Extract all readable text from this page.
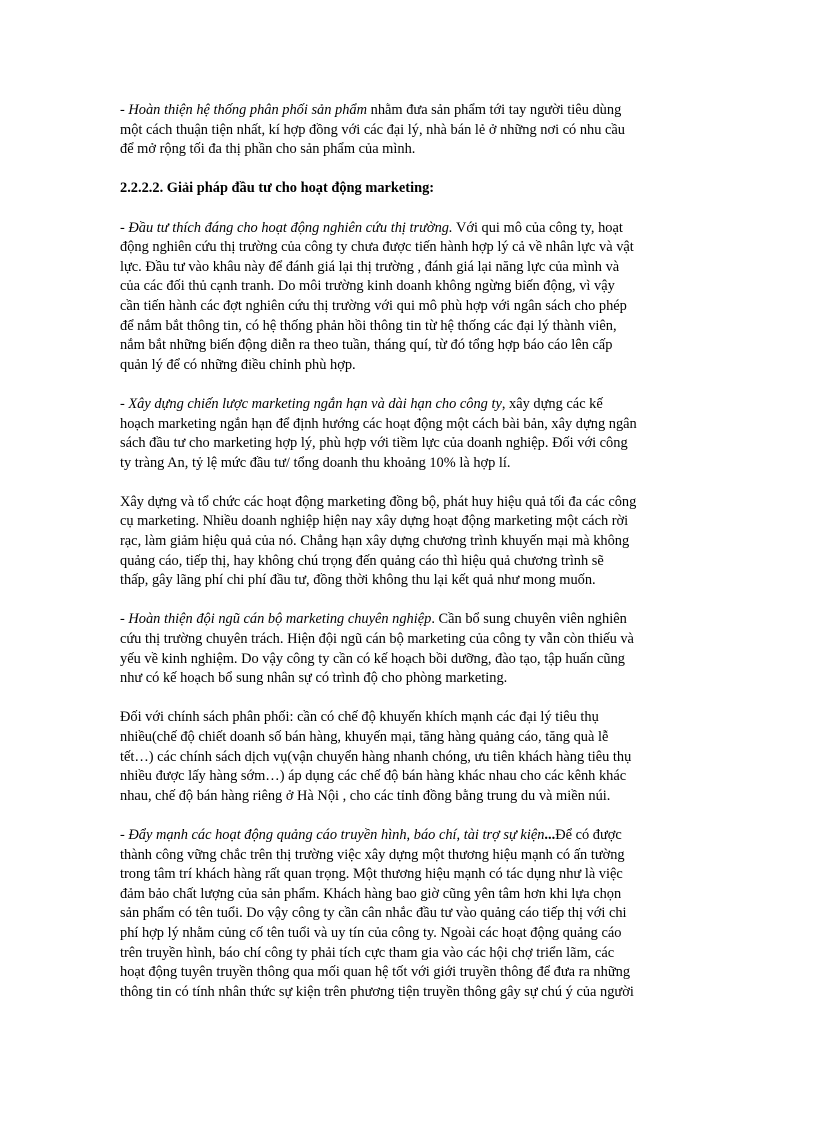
- Hoàn thiện hệ thống phân phối sản phẩm nhằm đưa sản phẩm tới tay người tiêu dùng
một cách thuận tiện nhất, kí hợp đồng với các đại lý, nhà bán lẻ ở những nơi có nhu cầu
để mở rộng tối đa thị phần cho sản phẩm của mình.
2.2.2.2. Giải pháp đầu tư cho hoạt động marketing:
- Đầu tư thích đáng cho hoạt động nghiên cứu thị trường. Với qui mô của công ty, hoạt
động nghiên cứu thị trường của công ty chưa được tiến hành hợp lý cả về nhân lực và vật
lực. Đầu tư vào khâu này để đánh giá lại thị trường , đánh giá lại năng lực của mình và
của các đối thủ cạnh tranh. Do môi trường kinh doanh không ngừng biến động, vì vậy
cần tiến hành các đợt nghiên cứu thị trường với qui mô phù hợp với ngân sách cho phép
để nắm bắt thông tin, có hệ thống phản hồi thông tin từ hệ thống các đại lý thành viên,
nắm bắt những biến động diễn ra theo tuần, tháng quí, từ đó tổng hợp báo cáo lên cấp
quản lý để có những điều chỉnh phù hợp.
- Xây dựng chiến lược marketing ngắn hạn và dài hạn cho công ty, xây dựng các kế
hoạch marketing ngắn hạn để định hướng các hoạt động một cách bài bản, xây dựng ngân
sách đầu tư cho marketing hợp lý, phù hợp với tiềm lực của doanh nghiệp. Đối với công
ty tràng An, tỷ lệ mức đầu tư/ tổng doanh thu khoảng 10% là hợp lí.
Xây dựng và tổ chức các hoạt động marketing đồng bộ, phát huy hiệu quả tối đa các công
cụ marketing. Nhiều doanh nghiệp hiện nay xây dựng hoạt động marketing một cách rời
rạc, làm giảm hiệu quả của nó. Chẳng hạn xây dựng chương trình khuyến mại mà không
quảng cáo, tiếp thị, hay không chú trọng đến quảng cáo thì hiệu quả chương trình sẽ
thấp, gây lãng phí chi phí đầu tư, đồng thời không thu lại kết quả như mong muốn.
- Hoàn thiện đội ngũ cán bộ marketing chuyên nghiệp. Cần bổ sung chuyên viên nghiên
cứu thị trường chuyên trách. Hiện đội ngũ cán bộ marketing của công ty vẫn còn thiếu và
yếu về kinh nghiệm. Do vậy công ty cần có kế hoạch bồi dưỡng, đào tạo, tập huấn cũng
như có kế hoạch bổ sung nhân sự có trình độ cho phòng marketing.
Đối với chính sách phân phối: cần có chế độ khuyến khích mạnh các đại lý tiêu thụ
nhiều(chế độ chiết doanh số bán hàng, khuyến mại, tăng hàng quảng cáo, tăng quà lễ
tết…) các chính sách dịch vụ(vận chuyển hàng nhanh chóng, ưu tiên khách hàng tiêu thụ
nhiều được lấy hàng sớm…) áp dụng các chế độ bán hàng khác nhau cho các kênh khác
nhau, chế độ bán hàng riêng ở Hà Nội , cho các tỉnh đồng bằng trung du và miền núi.
- Đẩy mạnh các hoạt động quảng cáo truyền hình, báo chí, tài trợ sự kiện...Để có được
thành công vững chắc trên thị trường việc xây dựng một thương hiệu mạnh có ấn tường
trong tâm trí khách hàng rất quan trọng. Một thương hiệu mạnh có tác dụng như là việc
đảm bảo chất lượng của sản phẩm. Khách hàng bao giờ cũng yên tâm hơn khi lựa chọn
sản phẩm có tên tuổi. Do vậy công ty cần cân nhắc đầu tư vào quảng cáo tiếp thị với chi
phí hợp lý nhằm củng cố tên tuổi và uy tín của công ty. Ngoài các hoạt động quảng cáo
trên truyền hình, báo chí công ty phải tích cực tham gia vào các hội chợ triển lãm, các
hoạt động tuyên truyền thông qua mối quan hệ tốt với giới truyền thông để đưa ra những
thông tin có tính nhân thức sự kiện trên phương tiện truyền thông gây sự chú ý của người
